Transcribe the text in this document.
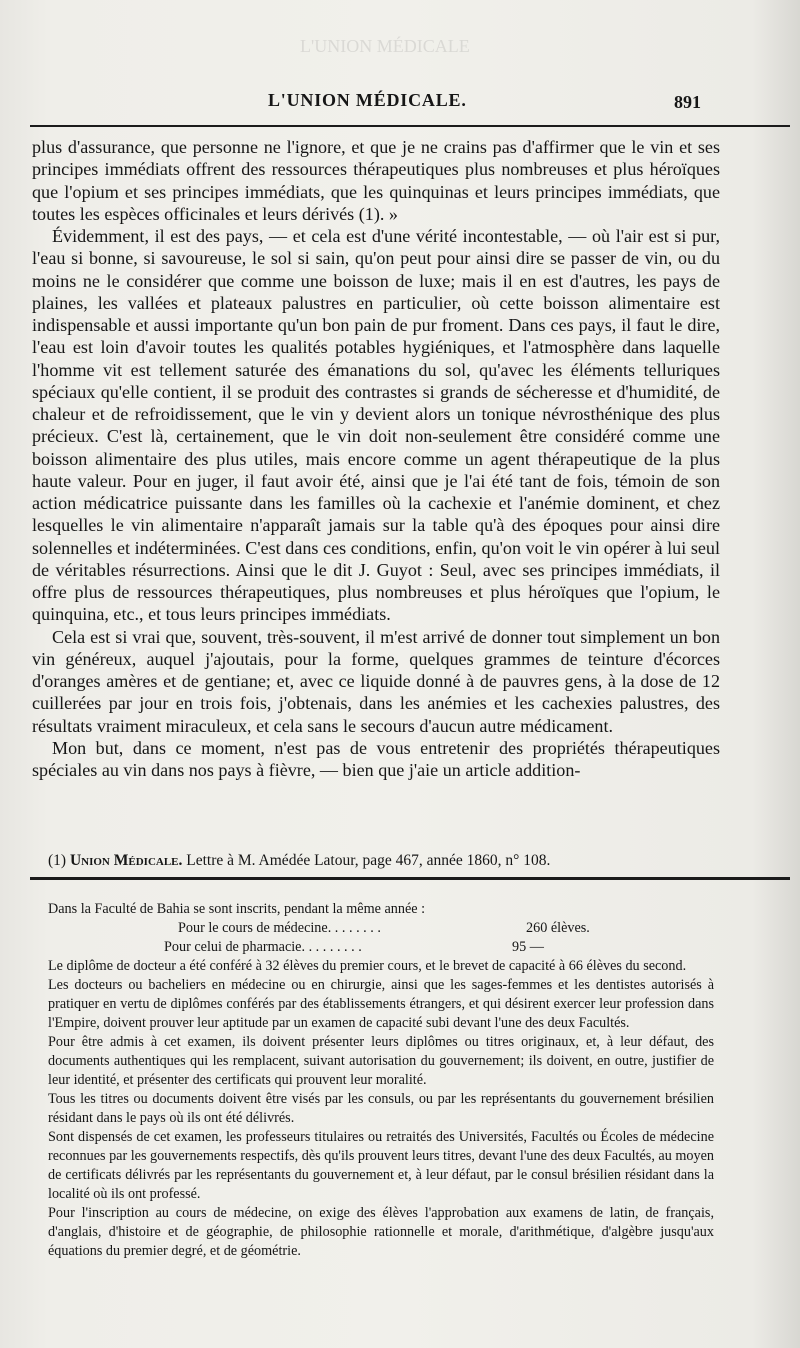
L'UNION MÉDICALE
L'UNION MÉDICALE.	891

plus d'assurance, que personne ne l'ignore, et que je ne crains pas d'affirmer que le vin et ses principes immédiats offrent des ressources thérapeutiques plus nombreuses et plus héroïques que l'opium et ses principes immédiats, que les quinquinas et leurs principes immédiats, que toutes les espèces officinales et leurs dérivés (1). »

Évidemment, il est des pays, — et cela est d'une vérité incontestable, — où l'air est si pur, l'eau si bonne, si savoureuse, le sol si sain, qu'on peut pour ainsi dire se passer de vin, ou du moins ne le considérer que comme une boisson de luxe; mais il en est d'autres, les pays de plaines, les vallées et plateaux palustres en particulier, où cette boisson alimentaire est indispensable et aussi importante qu'un bon pain de pur froment. Dans ces pays, il faut le dire, l'eau est loin d'avoir toutes les qualités potables hygiéniques, et l'atmosphère dans laquelle l'homme vit est tellement saturée des émanations du sol, qu'avec les éléments telluriques spéciaux qu'elle contient, il se produit des contrastes si grands de sécheresse et d'humidité, de chaleur et de refroidissement, que le vin y devient alors un tonique névrosthénique des plus précieux. C'est là, certainement, que le vin doit non-seulement être considéré comme une boisson alimentaire des plus utiles, mais encore comme un agent thérapeutique de la plus haute valeur. Pour en juger, il faut avoir été, ainsi que je l'ai été tant de fois, témoin de son action médicatrice puissante dans les familles où la cachexie et l'anémie dominent, et chez lesquelles le vin alimentaire n'apparaît jamais sur la table qu'à des époques pour ainsi dire solennelles et indéterminées. C'est dans ces conditions, enfin, qu'on voit le vin opérer à lui seul de véritables résurrections. Ainsi que le dit J. Guyot : Seul, avec ses principes immédiats, il offre plus de ressources thérapeutiques, plus nombreuses et plus héroïques que l'opium, le quinquina, etc., et tous leurs principes immédiats.

Cela est si vrai que, souvent, très-souvent, il m'est arrivé de donner tout simplement un bon vin généreux, auquel j'ajoutais, pour la forme, quelques grammes de teinture d'écorces d'oranges amères et de gentiane; et, avec ce liquide donné à de pauvres gens, à la dose de 12 cuillerées par jour en trois fois, j'obtenais, dans les anémies et les cachexies palustres, des résultats vraiment miraculeux, et cela sans le secours d'aucun autre médicament.

Mon but, dans ce moment, n'est pas de vous entretenir des propriétés thérapeutiques spéciales au vin dans nos pays à fièvre, — bien que j'aie un article addition-

(1) Union Médicale. Lettre à M. Amédée Latour, page 467, année 1860, n° 108.

Dans la Faculté de Bahia se sont inscrits, pendant la même année :

Pour le cours de médecine. . . . . . . .	260 élèves.
Pour celui de pharmacie. . . . . . . . .	95 —

Le diplôme de docteur a été conféré à 32 élèves du premier cours, et le brevet de capacité à 66 élèves du second.

Les docteurs ou bacheliers en médecine ou en chirurgie, ainsi que les sages-femmes et les dentistes autorisés à pratiquer en vertu de diplômes conférés par des établissements étrangers, et qui désirent exercer leur profession dans l'Empire, doivent prouver leur aptitude par un examen de capacité subi devant l'une des deux Facultés.

Pour être admis à cet examen, ils doivent présenter leurs diplômes ou titres originaux, et, à leur défaut, des documents authentiques qui les remplacent, suivant autorisation du gouvernement; ils doivent, en outre, justifier de leur identité, et présenter des certificats qui prouvent leur moralité.

Tous les titres ou documents doivent être visés par les consuls, ou par les représentants du gouvernement brésilien résidant dans le pays où ils ont été délivrés.

Sont dispensés de cet examen, les professeurs titulaires ou retraités des Universités, Facultés ou Écoles de médecine reconnues par les gouvernements respectifs, dès qu'ils prouvent leurs titres, devant l'une des deux Facultés, au moyen de certificats délivrés par les représentants du gouvernement et, à leur défaut, par le consul brésilien résidant dans la localité où ils ont professé.

Pour l'inscription au cours de médecine, on exige des élèves l'approbation aux examens de latin, de français, d'anglais, d'histoire et de géographie, de philosophie rationnelle et morale, d'arithmétique, d'algèbre jusqu'aux équations du premier degré, et de géométrie.
